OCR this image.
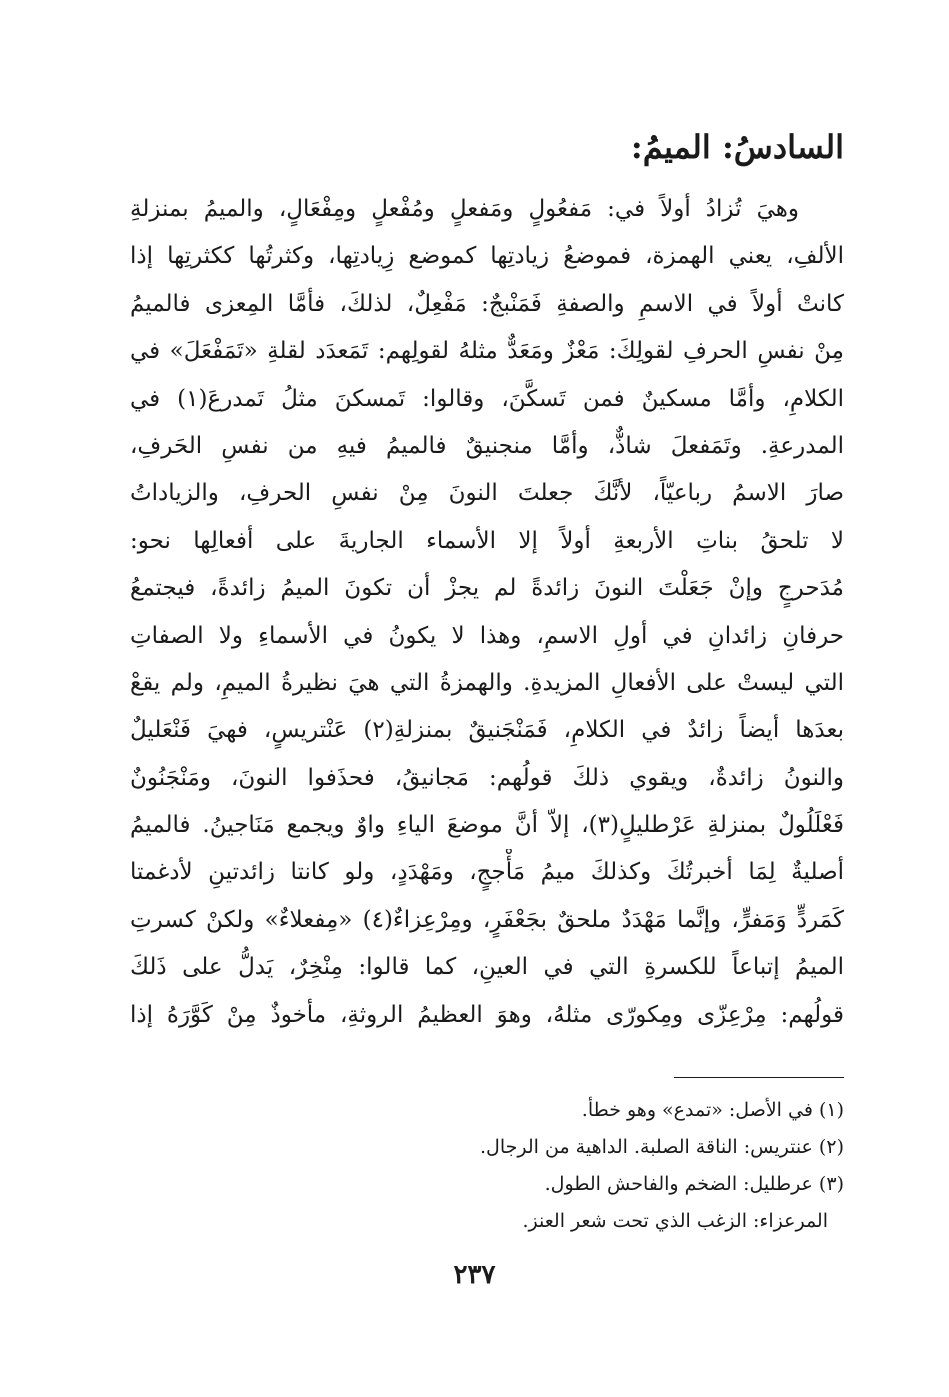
السادسُ: الميمُ:
وهيَ تُزادُ أولاً في: مَفعُولٍ ومَفعلٍ ومُفْعلٍ ومِفْعَالٍ، والميمُ بمنزلةِ
الألفِ، يعني الهمزة، فموضعُ زيادتِها كموضع زِيادتِها، وكثرتُها ككثرتِها إذا
كانتْ أولاً في الاسمِ والصفةِ فَمَنْبجٌ: مَفْعِلٌ، لذلكَ، فأمَّا المِعزى فالميمُ
مِنْ نفسِ الحرفِ لقولِكَ: مَعْزٌ ومَعَدٌّ مثلهُ لقولِهم: تَمَعدَد لقلةِ «تَمَفْعَلَ» في
الكلامِ، وأمَّا مسكينٌ فمن تَسكَّنَ، وقالوا: تَمسكنَ مثلُ تَمدرعَ(١) في
المدرعةِ. وتَمَفعلَ شاذٌّ، وأمَّا منجنيقٌ فالميمُ فيهِ من نفسِ الحَرفِ،
صارَ الاسمُ رباعيّاً، لأنَّكَ جعلتَ النونَ مِنْ نفسِ الحرفِ، والزياداتُ
لا تلحقُ بناتِ الأربعةِ أولاً إلا الأسماء الجاريةَ على أفعالِها نحو:
مُدَحرجٍ وإنْ جَعَلْتَ النونَ زائدةً لم يجزْ أن تكونَ الميمُ زائدةً، فيجتمعُ
حرفانِ زائدانِ في أولِ الاسمِ، وهذا لا يكونُ في الأسماءِ ولا الصفاتِ
التي ليستْ على الأفعالِ المزيدةِ. والهمزةُ التي هيَ نظيرةُ الميمِ، ولم يقعْ
بعدَها أيضاً زائدٌ في الكلامِ، فَمَنْجَنيقٌ بمنزلةِ(٢) عَنْتريسٍ، فهيَ فَنْعَليلٌ
والنونُ زائدةٌ، ويقوي ذلكَ قولُهم: مَجانيقُ، فحذَفوا النونَ، ومَنْجَنُونٌ
فَعْلَلُولٌ بمنزلةِ عَرْطليلٍ(٣)، إلاّ أنَّ موضعَ الياءِ واوٌ ويجمع مَنَاجينُ. فالميمُ
أصليةٌ لِمَا أخبرتُكَ وكذلكَ ميمُ مَأْججٍ، ومَهْدَدٍ، ولو كانتا زائدتينِ لأدغمتا
كَمَردٍّ وَمَفرٍّ، وإنَّما مَهْدَدٌ ملحقٌ بجَعْفَرٍ، ومِرْعِزاءٌ(٤) «مِفعلاءٌ» ولكنْ كسرتِ
الميمُ إتباعاً للكسرةِ التي في العينِ، كما قالوا: مِنْخِرٌ، يَدلُّ على ذَلكَ
قولُهم: مِرْعِزّى ومِكورّى مثلهُ، وهوَ العظيمُ الروثةِ، مأخوذٌ مِنْ كَوَّرَهُ إذا
(١) في الأصل: «تمدع» وهو خطأ.
(٢) عنتريس: الناقة الصلبة. الداهية من الرجال.
(٣) عرطليل: الضخم والفاحش الطول.
المرعزاء: الزغب الذي تحت شعر العنز.
٢٣٧
